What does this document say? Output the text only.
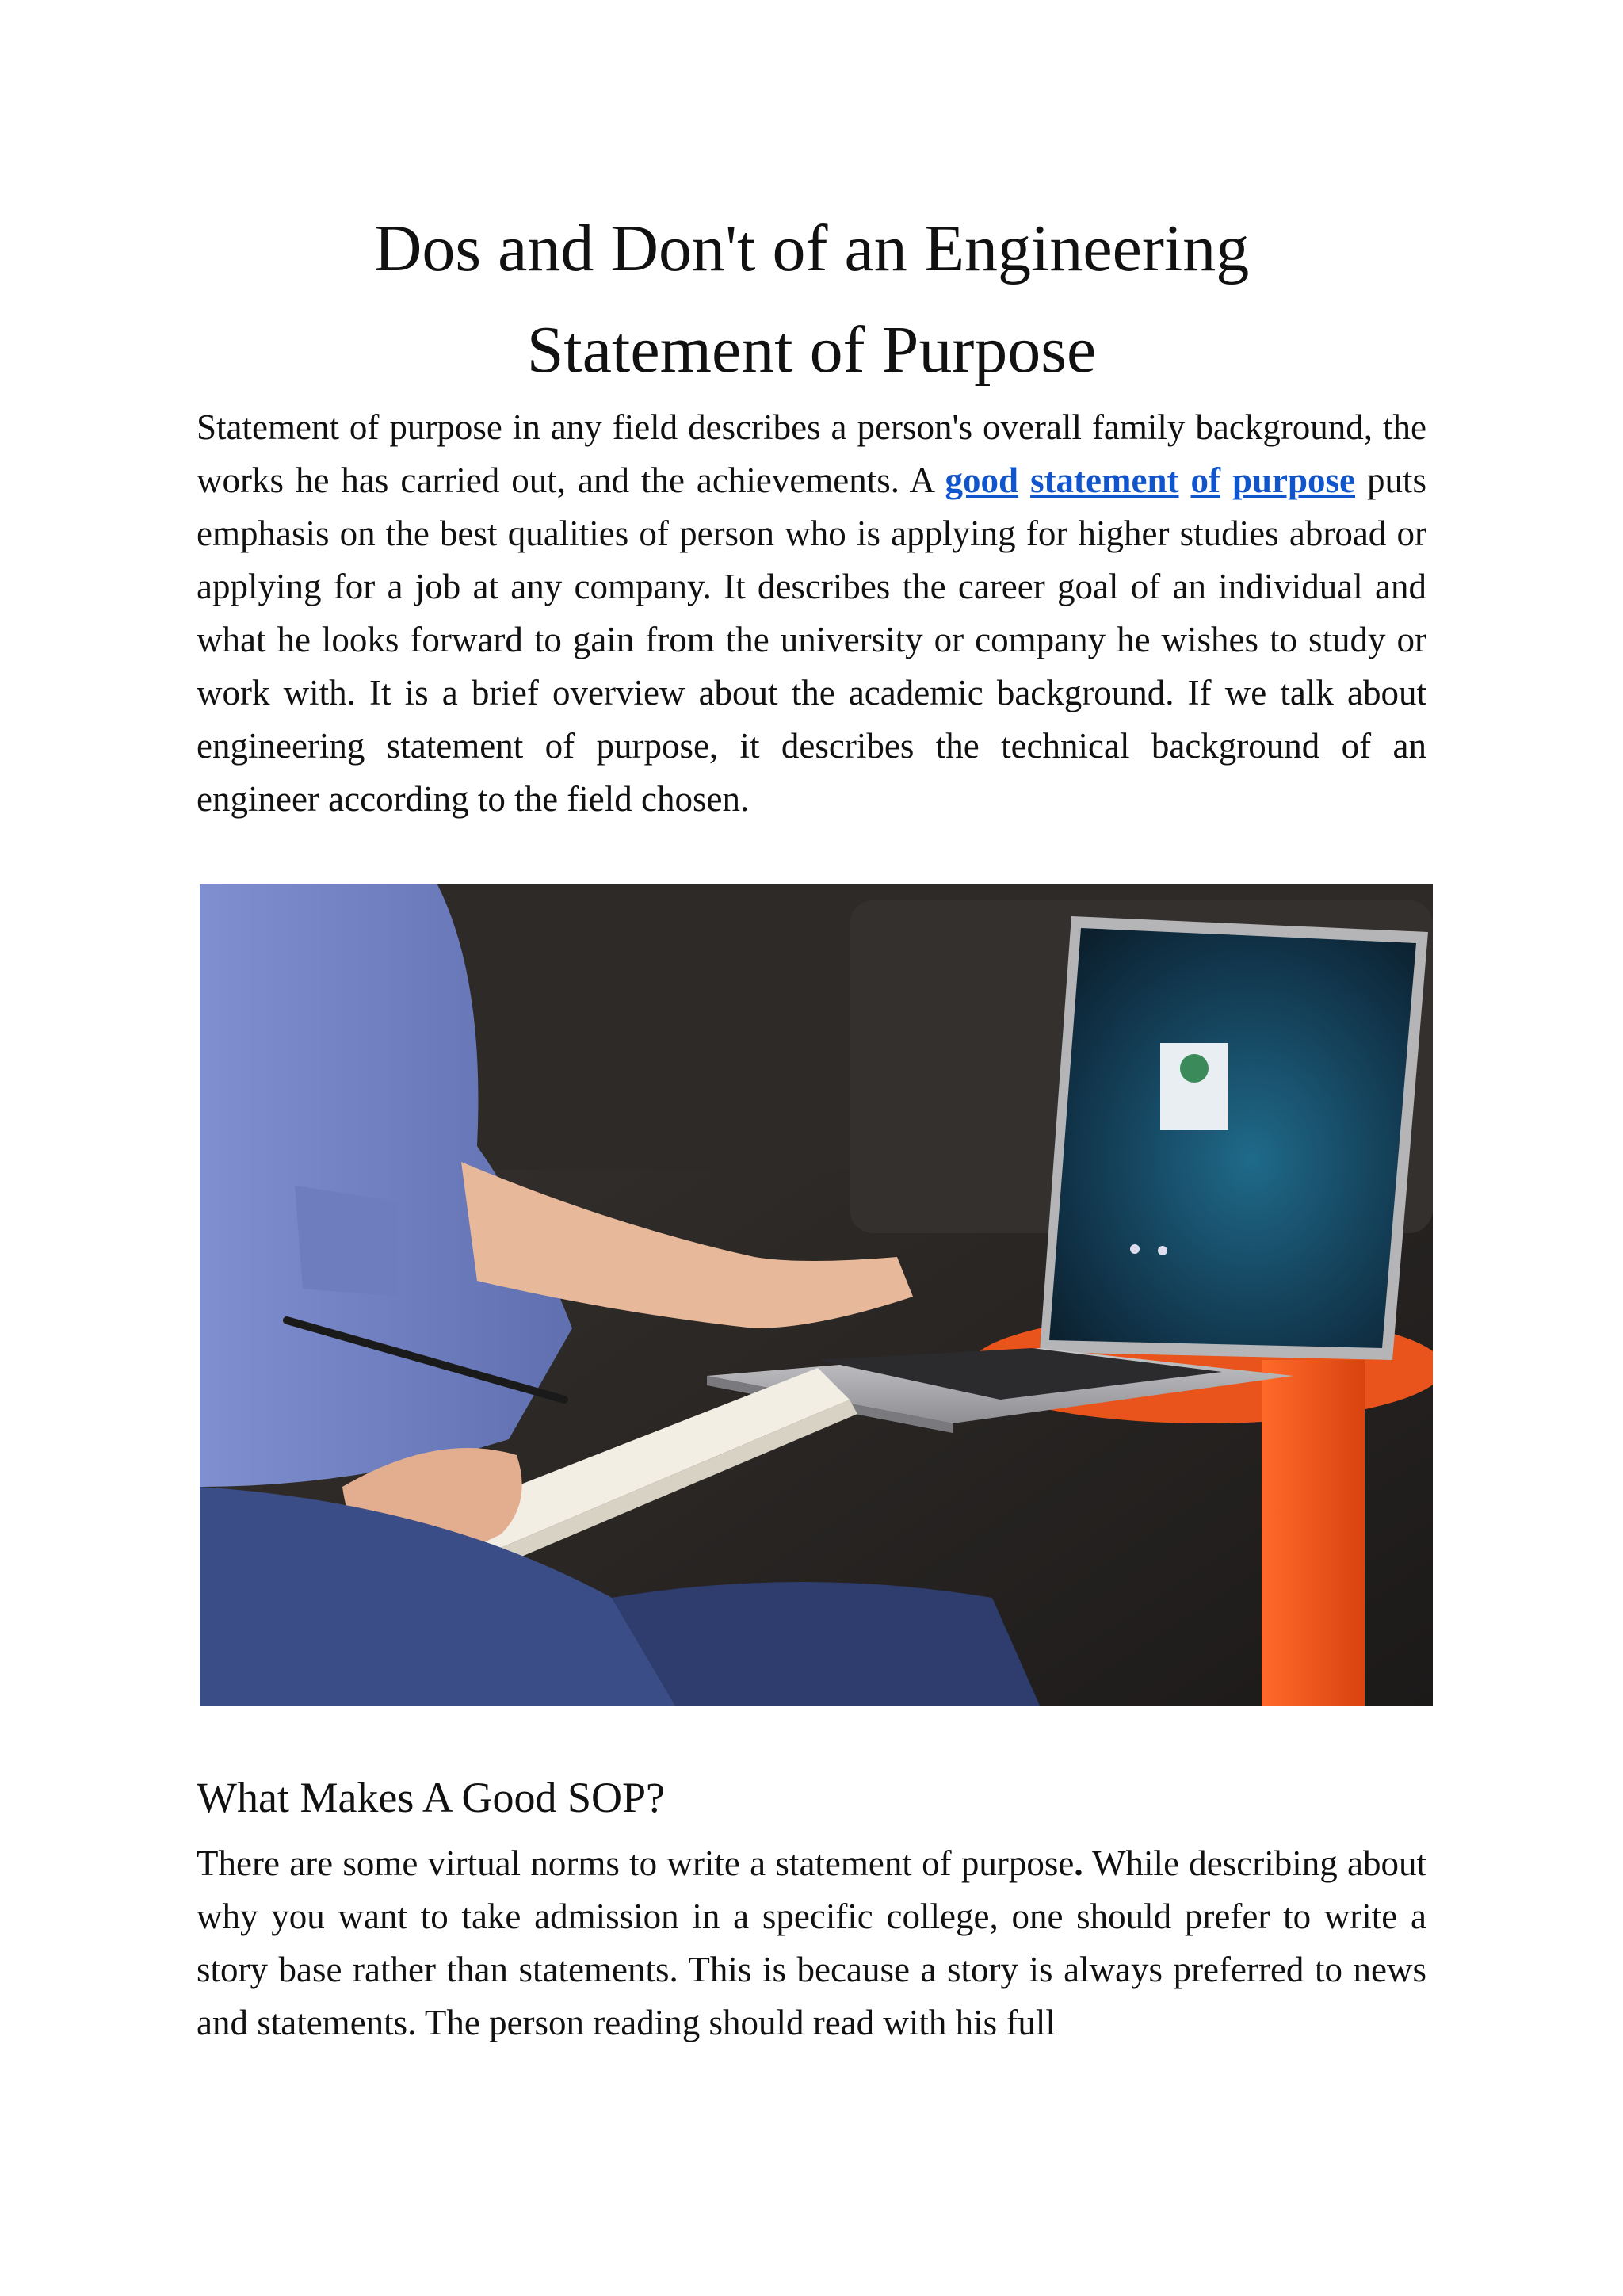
Dos and Don't of an Engineering
Statement of Purpose

Statement of purpose in any field describes a person's overall family background, the works he has carried out, and the achievements. A good statement of purpose puts emphasis on the best qualities of person who is applying for higher studies abroad or applying for a job at any company. It describes the career goal of an individual and what he looks forward to gain from the university or company he wishes to study or work with. It is a brief overview about the academic background. If we talk about engineering statement of purpose, it describes the technical background of an engineer according to the field chosen.

What Makes A Good SOP?

There are some virtual norms to write a statement of purpose. While describing about why you want to take admission in a specific college, one should prefer to write a story base rather than statements. This is because a story is always preferred to news and statements. The person reading should read with his full
